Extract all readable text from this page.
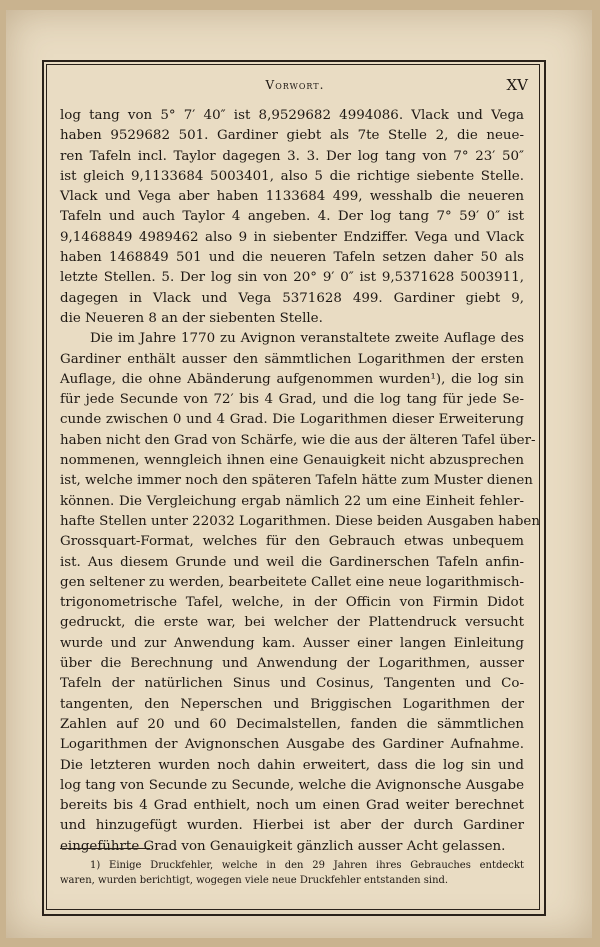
Vorwort.	XV
log tang von 5° 7′ 40″ ist 8,9529682 4994086. Vlack und Vega
haben 9529682 501. Gardiner giebt als 7te Stelle 2, die neue-
ren Tafeln incl. Taylor dagegen 3. 3. Der log tang von 7° 23′ 50″
ist gleich 9,1133684 5003401, also 5 die richtige siebente Stelle.
Vlack und Vega aber haben 1133684 499, wesshalb die neueren
Tafeln und auch Taylor 4 angeben. 4. Der log tang 7° 59′ 0″ ist
9,1468849 4989462 also 9 in siebenter Endziffer. Vega und Vlack
haben 1468849 501 und die neueren Tafeln setzen daher 50 als
letzte Stellen. 5. Der log sin von 20° 9′ 0″ ist 9,5371628 5003911,
dagegen in Vlack und Vega 5371628 499. Gardiner giebt 9,
die Neueren 8 an der siebenten Stelle.
Die im Jahre 1770 zu Avignon veranstaltete zweite Auflage des
Gardiner enthält ausser den sämmtlichen Logarithmen der ersten
Auflage, die ohne Abänderung aufgenommen wurden¹), die log sin
für jede Secunde von 72′ bis 4 Grad, und die log tang für jede Se-
cunde zwischen 0 und 4 Grad. Die Logarithmen dieser Erweiterung
haben nicht den Grad von Schärfe, wie die aus der älteren Tafel über-
nommenen, wenngleich ihnen eine Genauigkeit nicht abzusprechen
ist, welche immer noch den späteren Tafeln hätte zum Muster dienen
können. Die Vergleichung ergab nämlich 22 um eine Einheit fehler-
hafte Stellen unter 22032 Logarithmen. Diese beiden Ausgaben haben
Grossquart-Format, welches für den Gebrauch etwas unbequem
ist. Aus diesem Grunde und weil die Gardinerschen Tafeln anfin-
gen seltener zu werden, bearbeitete Callet eine neue logarithmisch-
trigonometrische Tafel, welche, in der Officin von Firmin Didot
gedruckt, die erste war, bei welcher der Plattendruck versucht
wurde und zur Anwendung kam. Ausser einer langen Einleitung
über die Berechnung und Anwendung der Logarithmen, ausser
Tafeln der natürlichen Sinus und Cosinus, Tangenten und Co-
tangenten, den Neperschen und Briggischen Logarithmen der
Zahlen auf 20 und 60 Decimalstellen, fanden die sämmtlichen
Logarithmen der Avignonschen Ausgabe des Gardiner Aufnahme.
Die letzteren wurden noch dahin erweitert, dass die log sin und
log tang von Secunde zu Secunde, welche die Avignonsche Ausgabe
bereits bis 4 Grad enthielt, noch um einen Grad weiter berechnet
und hinzugefügt wurden. Hierbei ist aber der durch Gardiner
eingeführte Grad von Genauigkeit gänzlich ausser Acht gelassen.
1) Einige Druckfehler, welche in den 29 Jahren ihres Gebrauches entdeckt
waren, wurden berichtigt, wogegen viele neue Druckfehler entstanden sind.
